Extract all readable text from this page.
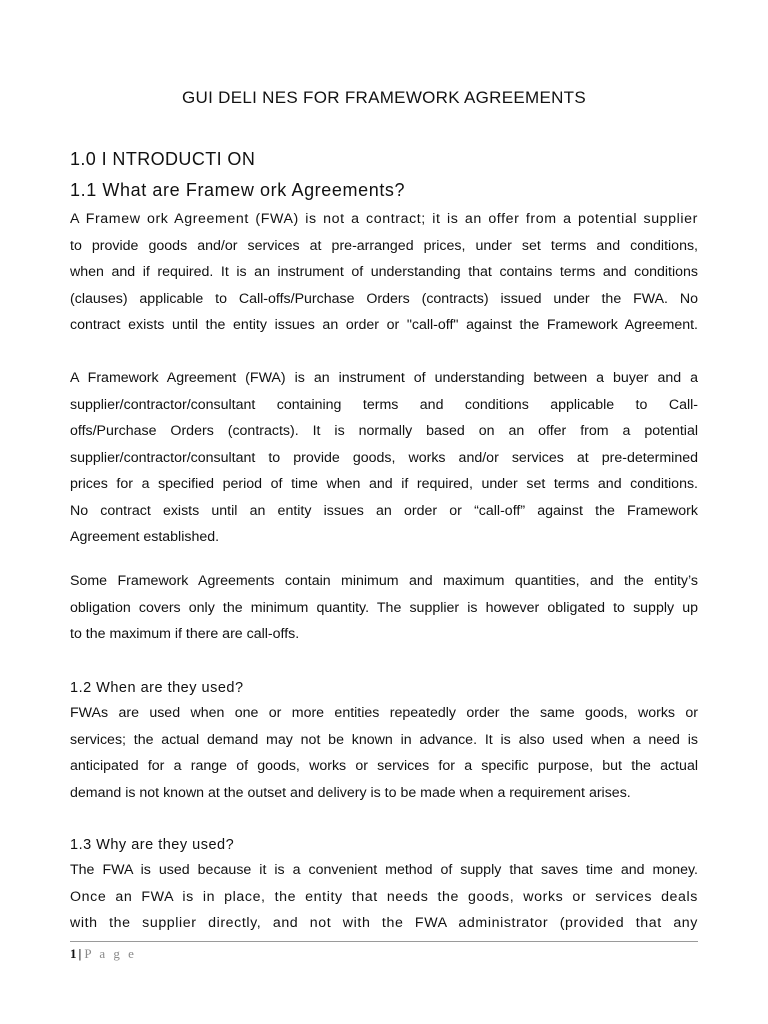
GUI DELI NES FOR FRAMEWORK AGREEMENTS
1.0 I NTRODUCTI ON
1.1 What are Framew ork Agreements?
A Framew ork Agreement (FWA) is not a contract; it is an offer from a potential supplier
to provide goods and/or services at pre-arranged prices, under set terms and conditions,
when and if required. It is an instrument of understanding that contains terms and conditions
(clauses) applicable to Call-offs/Purchase Orders (contracts) issued under the FWA. No
contract exists until the entity issues an order or "call-off" against the Framework Agreement.
A Framework Agreement (FWA) is an instrument of understanding between a buyer and a
supplier/contractor/consultant containing terms and conditions applicable to Call-
offs/Purchase Orders (contracts). It is normally based on an offer from a potential
supplier/contractor/consultant to provide goods, works and/or services at pre-determined
prices for a specified period of time when and if required, under set terms and conditions.
No contract exists until an entity issues an order or “call-off” against the Framework
Agreement established.
Some Framework Agreements contain minimum and maximum quantities, and the entity’s
obligation covers only the minimum quantity. The supplier is however obligated to supply up
to the maximum if there are call-offs.
1.2 When are they used?
FWAs are used when one or more entities repeatedly order the same goods, works or
services; the actual demand may not be known in advance. It is also used when a need is
anticipated for a range of goods, works or services for a specific purpose, but the actual
demand is not known at the outset and delivery is to be made when a requirement arises.
1.3 Why are they used?
The FWA is used because it is a convenient method of supply that saves time and money.
Once an FWA is in place, the entity that needs the goods, works or services deals
with the supplier directly, and not with the FWA administrator (provided that any
1 | P a g e
